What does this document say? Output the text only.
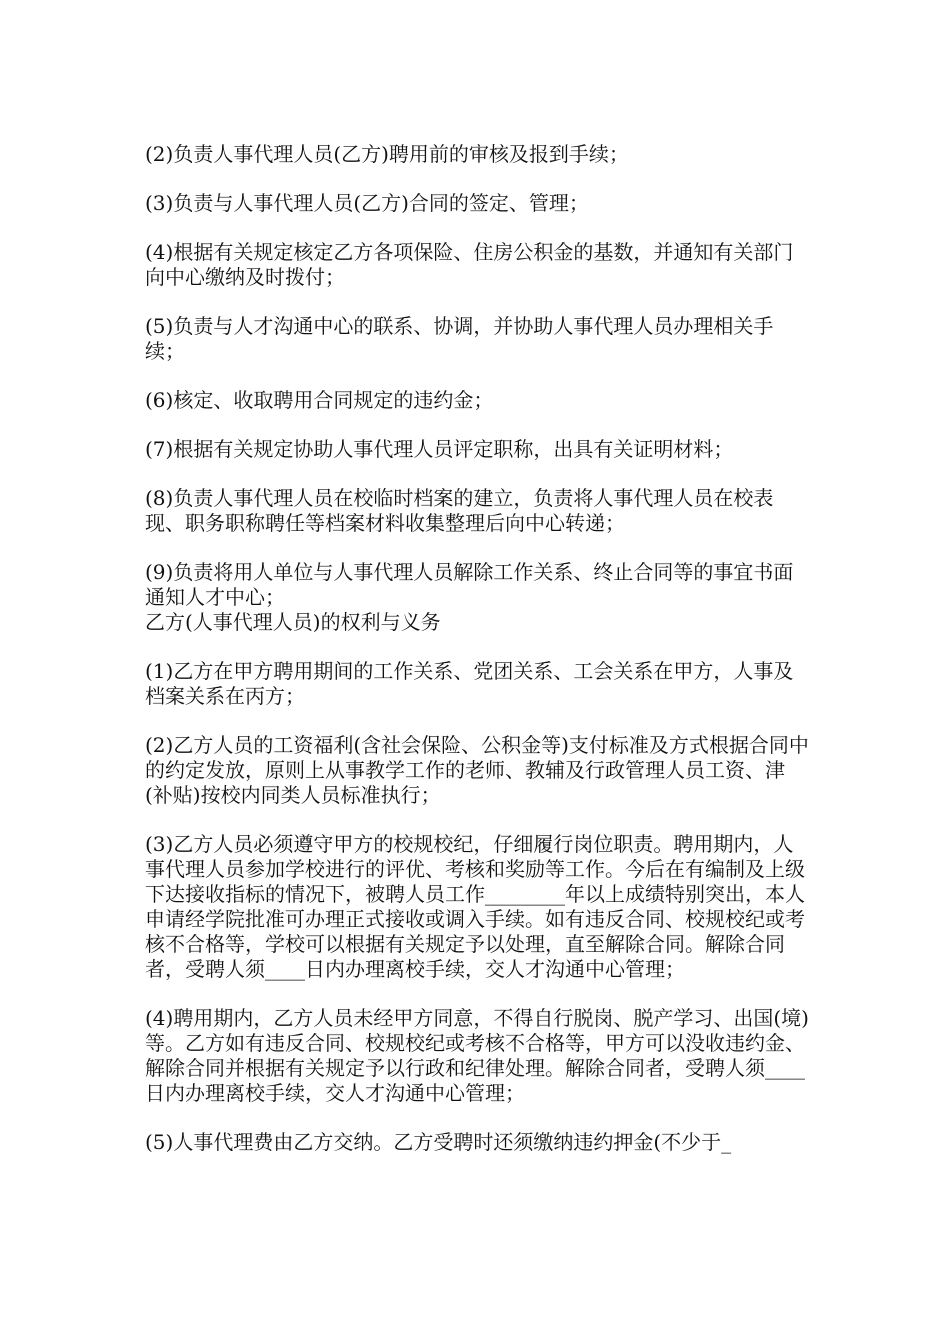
(2)负责人事代理人员(乙方)聘用前的审核及报到手续；

(3)负责与人事代理人员(乙方)合同的签定、管理；

(4)根据有关规定核定乙方各项保险、住房公积金的基数，并通知有关部门向中心缴纳及时拨付；

(5)负责与人才沟通中心的联系、协调，并协助人事代理人员办理相关手续；

(6)核定、收取聘用合同规定的违约金；

(7)根据有关规定协助人事代理人员评定职称，出具有关证明材料；

(8)负责人事代理人员在校临时档案的建立，负责将人事代理人员在校表现、职务职称聘任等档案材料收集整理后向中心转递；

(9)负责将用人单位与人事代理人员解除工作关系、终止合同等的事宜书面通知人才中心；

乙方(人事代理人员)的权利与义务

(1)乙方在甲方聘用期间的工作关系、党团关系、工会关系在甲方，人事及档案关系在丙方；

(2)乙方人员的工资福利(含社会保险、公积金等)支付标准及方式根据合同中的约定发放，原则上从事教学工作的老师、教辅及行政管理人员工资、津(补贴)按校内同类人员标准执行；

(3)乙方人员必须遵守甲方的校规校纪，仔细履行岗位职责。聘用期内，人事代理人员参加学校进行的评优、考核和奖励等工作。今后在有编制及上级下达接收指标的情况下，被聘人员工作________年以上成绩特别突出，本人申请经学院批准可办理正式接收或调入手续。如有违反合同、校规校纪或考核不合格等，学校可以根据有关规定予以处理，直至解除合同。解除合同者，受聘人须____日内办理离校手续，交人才沟通中心管理；

(4)聘用期内，乙方人员未经甲方同意，不得自行脱岗、脱产学习、出国(境)等。乙方如有违反合同、校规校纪或考核不合格等，甲方可以没收违约金、解除合同并根据有关规定予以行政和纪律处理。解除合同者，受聘人须____日内办理离校手续，交人才沟通中心管理；

(5)人事代理费由乙方交纳。乙方受聘时还须缴纳违约押金(不少于_
